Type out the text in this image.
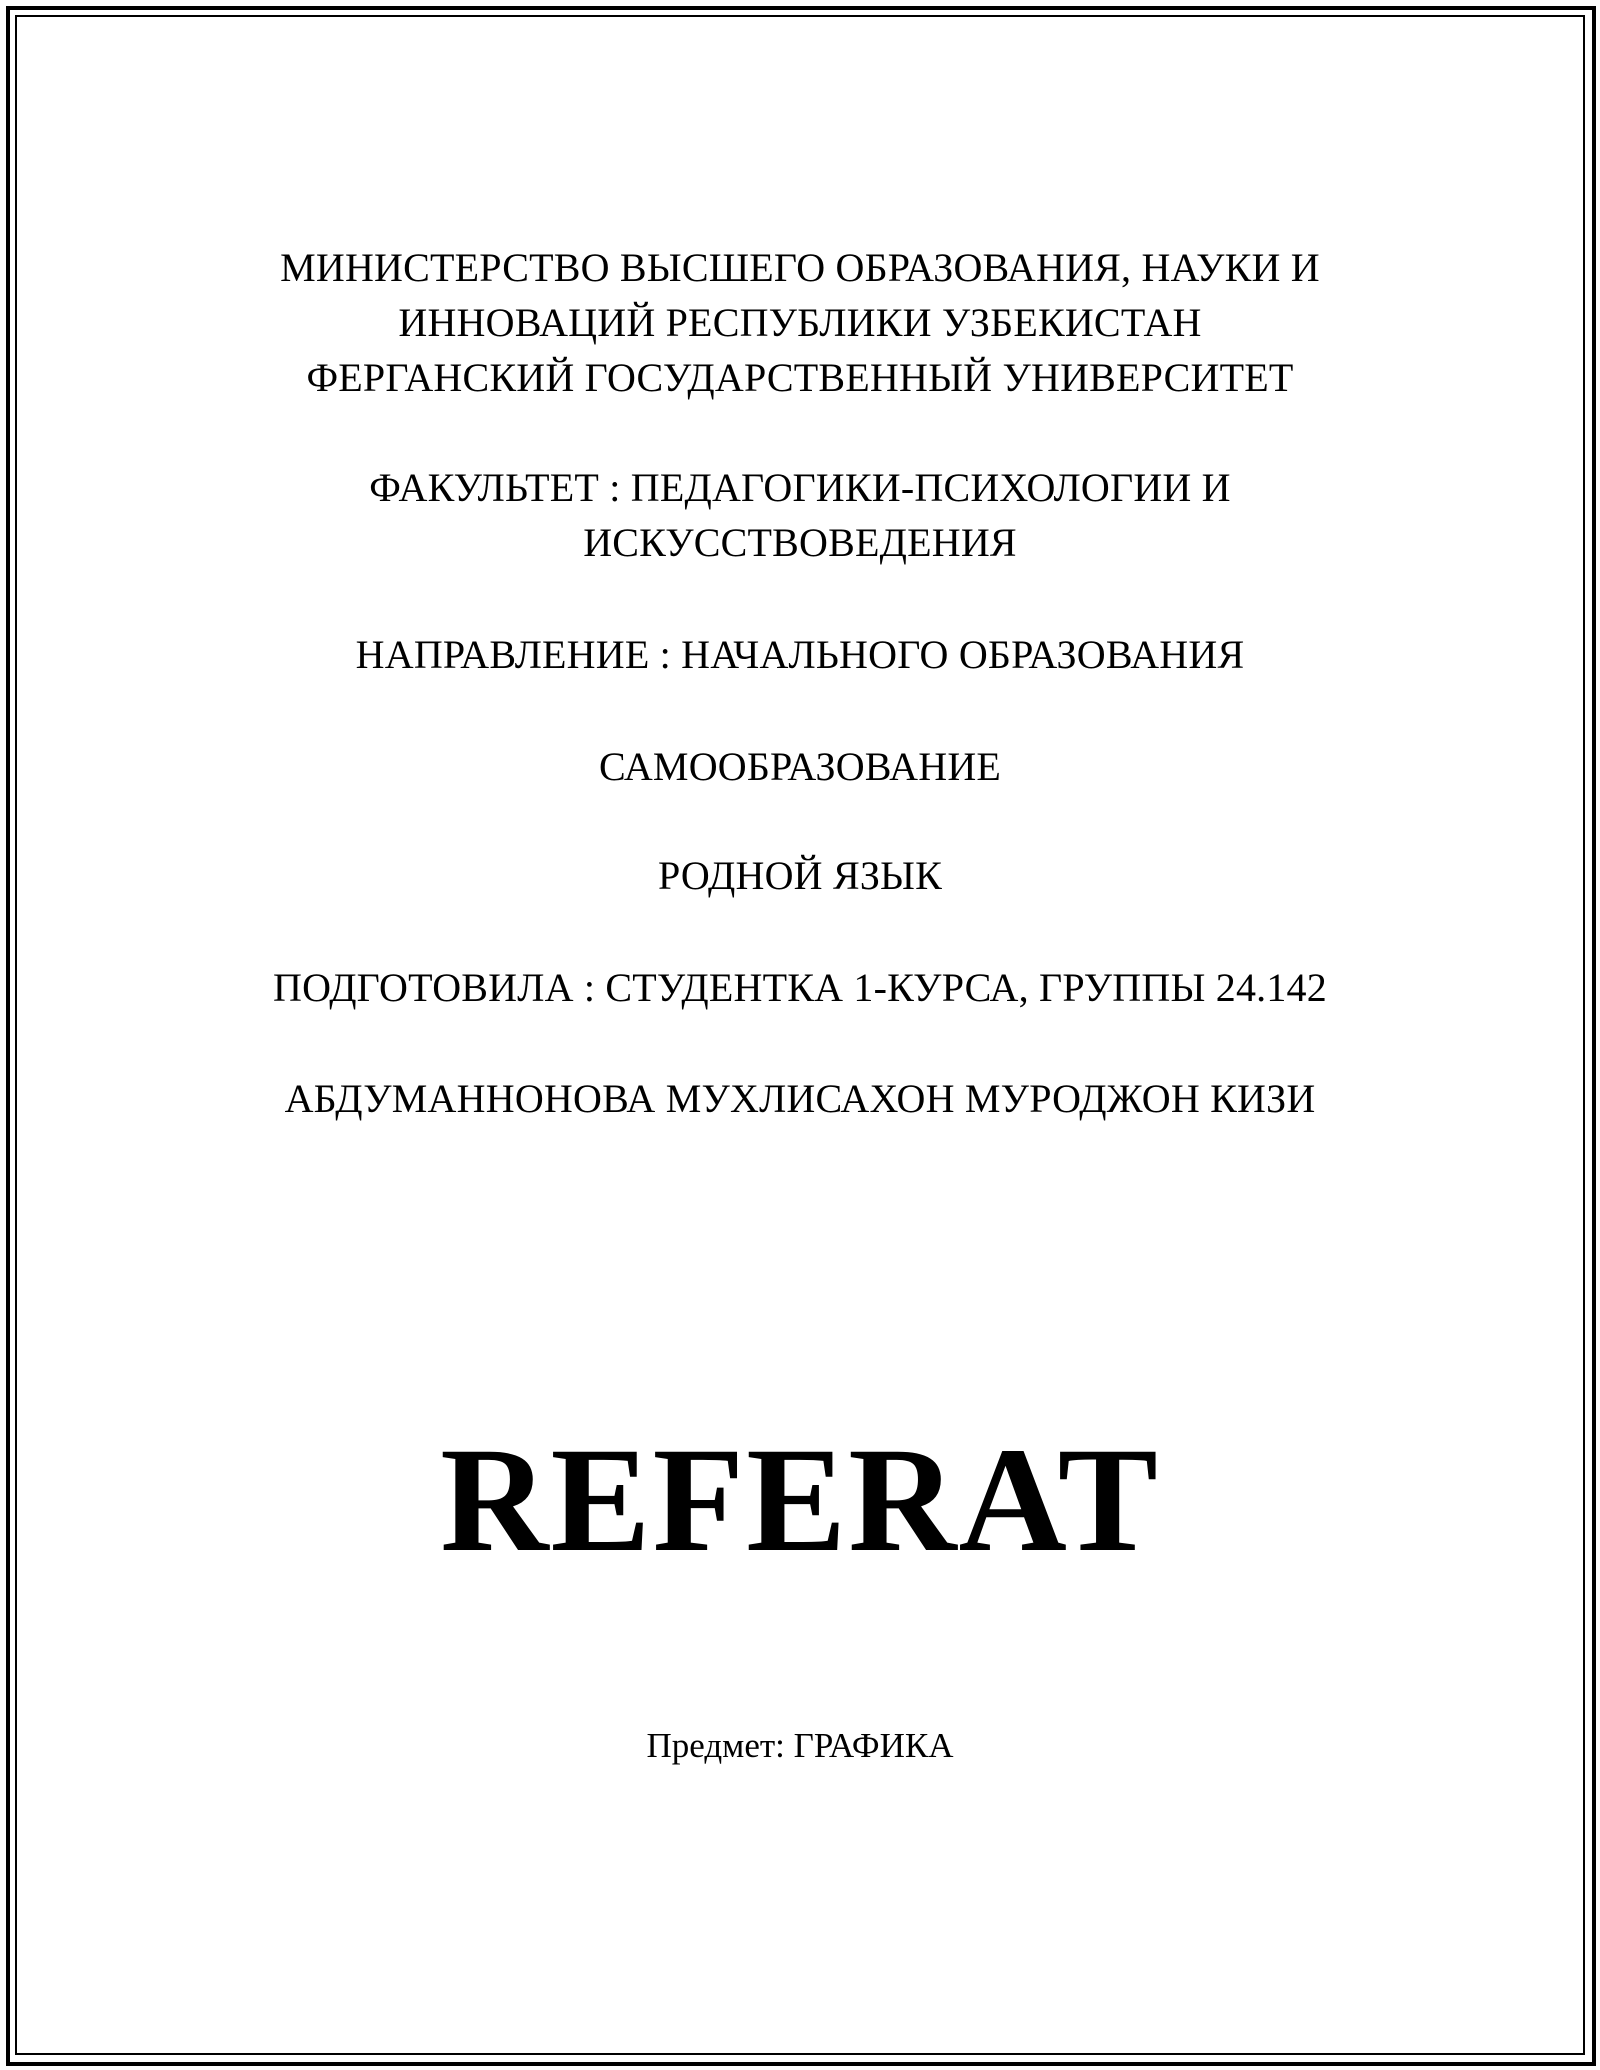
МИНИСТЕРСТВО ВЫСШЕГО ОБРАЗОВАНИЯ, НАУКИ И
ИННОВАЦИЙ РЕСПУБЛИКИ УЗБЕКИСТАН
ФЕРГАНСКИЙ ГОСУДАРСТВЕННЫЙ УНИВЕРСИТЕТ
ФАКУЛЬТЕТ : ПЕДАГОГИКИ-ПСИХОЛОГИИ И
ИСКУССТВОВЕДЕНИЯ
НАПРАВЛЕНИЕ : НАЧАЛЬНОГО ОБРАЗОВАНИЯ
САМООБРАЗОВАНИЕ
РОДНОЙ ЯЗЫК
ПОДГОТОВИЛА : СТУДЕНТКА 1-КУРСА, ГРУППЫ 24.142
АБДУМАННОНОВА МУХЛИСАХОН МУРОДЖОН КИЗИ
REFERAT
Предмет: ГРАФИКА
